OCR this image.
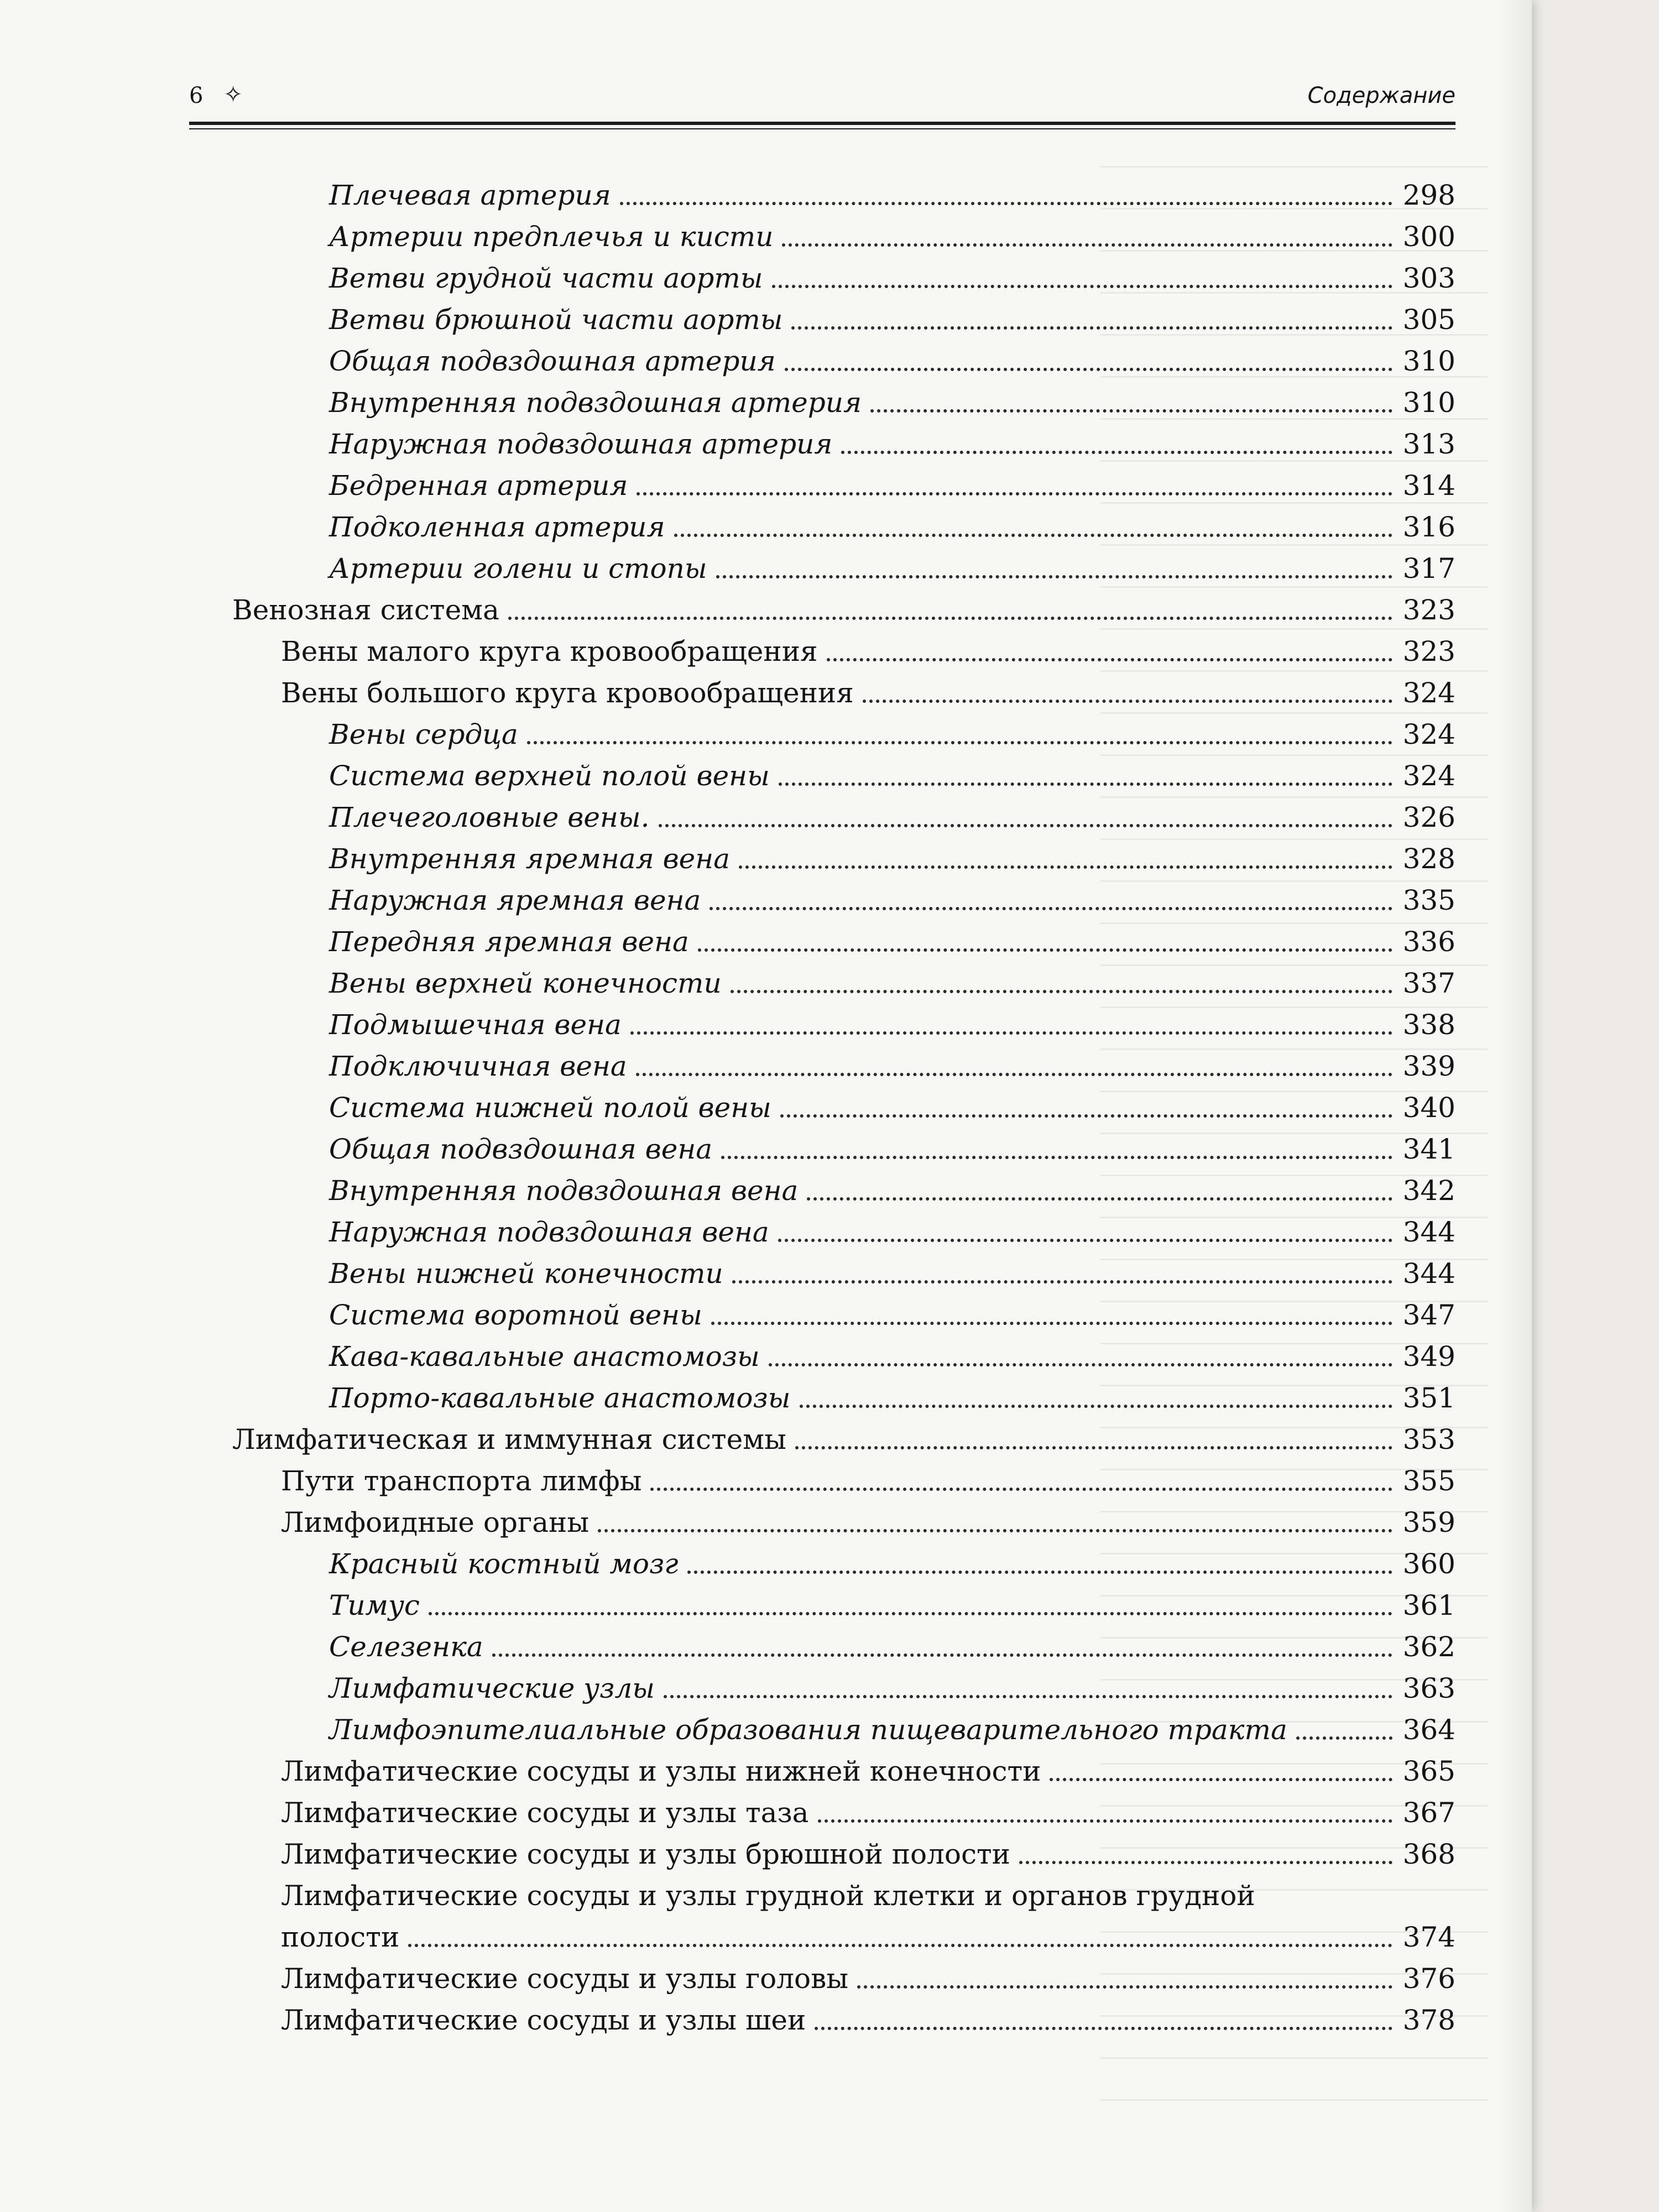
6 ✧	Содержание
Плечевая артерия	298
Артерии предплечья и кисти	300
Ветви грудной части аорты	303
Ветви брюшной части аорты	305
Общая подвздошная артерия	310
Внутренняя подвздошная артерия	310
Наружная подвздошная артерия	313
Бедренная артерия	314
Подколенная артерия	316
Артерии голени и стопы	317
Венозная система	323
Вены малого круга кровообращения	323
Вены большого круга кровообращения	324
Вены сердца	324
Система верхней полой вены	324
Плечеголовные вены.	326
Внутренняя яремная вена	328
Наружная яремная вена	335
Передняя яремная вена	336
Вены верхней конечности	337
Подмышечная вена	338
Подключичная вена	339
Система нижней полой вены	340
Общая подвздошная вена	341
Внутренняя подвздошная вена	342
Наружная подвздошная вена	344
Вены нижней конечности	344
Система воротной вены	347
Кава-кавальные анастомозы	349
Порто-кавальные анастомозы	351
Лимфатическая и иммунная системы	353
Пути транспорта лимфы	355
Лимфоидные органы	359
Красный костный мозг	360
Тимус	361
Селезенка	362
Лимфатические узлы	363
Лимфоэпителиальные образования пищеварительного тракта	364
Лимфатические сосуды и узлы нижней конечности	365
Лимфатические сосуды и узлы таза	367
Лимфатические сосуды и узлы брюшной полости	368
Лимфатические сосуды и узлы грудной клетки и органов грудной
полости	374
Лимфатические сосуды и узлы головы	376
Лимфатические сосуды и узлы шеи	378
